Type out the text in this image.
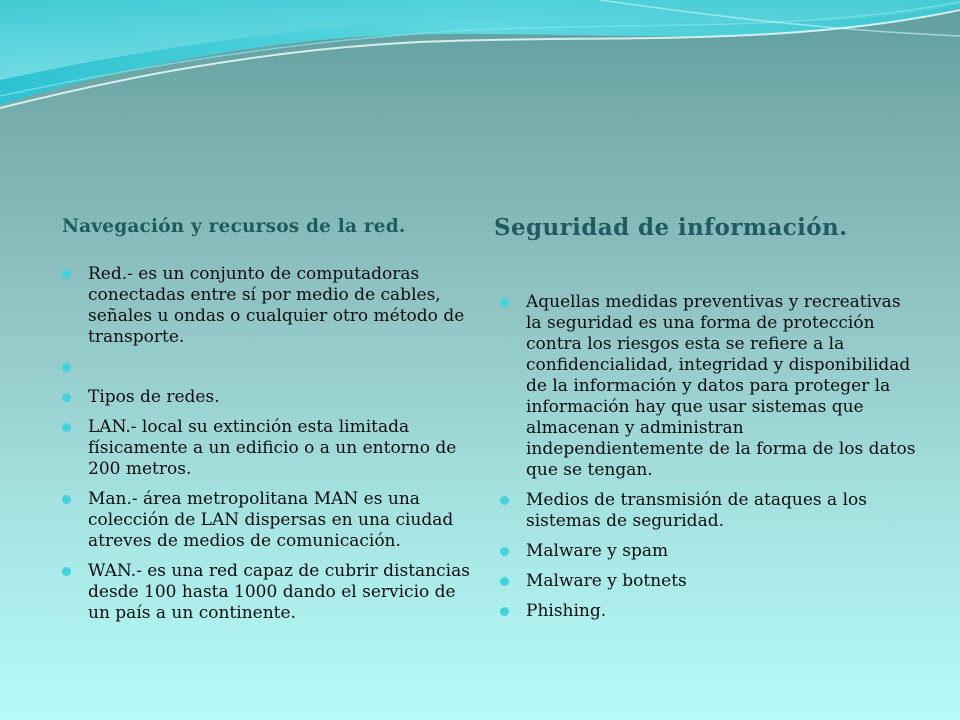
Navegación y recursos de la red.	Seguridad de información.
Red.- es un conjunto de computadoras conectadas entre sí por medio de cables, señales u ondas o cualquier otro método de transporte.
Tipos de redes.
LAN.- local su extinción esta limitada físicamente a un edificio o a un entorno de 200 metros.
Man.- área metropolitana MAN es una colección de LAN dispersas en una ciudad atreves de medios de comunicación.
WAN.- es una red capaz de cubrir distancias desde 100 hasta 1000 dando el servicio de un país a un continente.
Aquellas medidas preventivas y recreativas la seguridad es una forma de protección contra los riesgos esta se refiere a la confidencialidad, integridad y disponibilidad de la información y datos para proteger la información hay que usar sistemas que almacenan y administran independientemente de la forma de los datos que se tengan.
Medios de transmisión de ataques a los sistemas de seguridad.
Malware y spam
Malware y botnets
Phishing.
